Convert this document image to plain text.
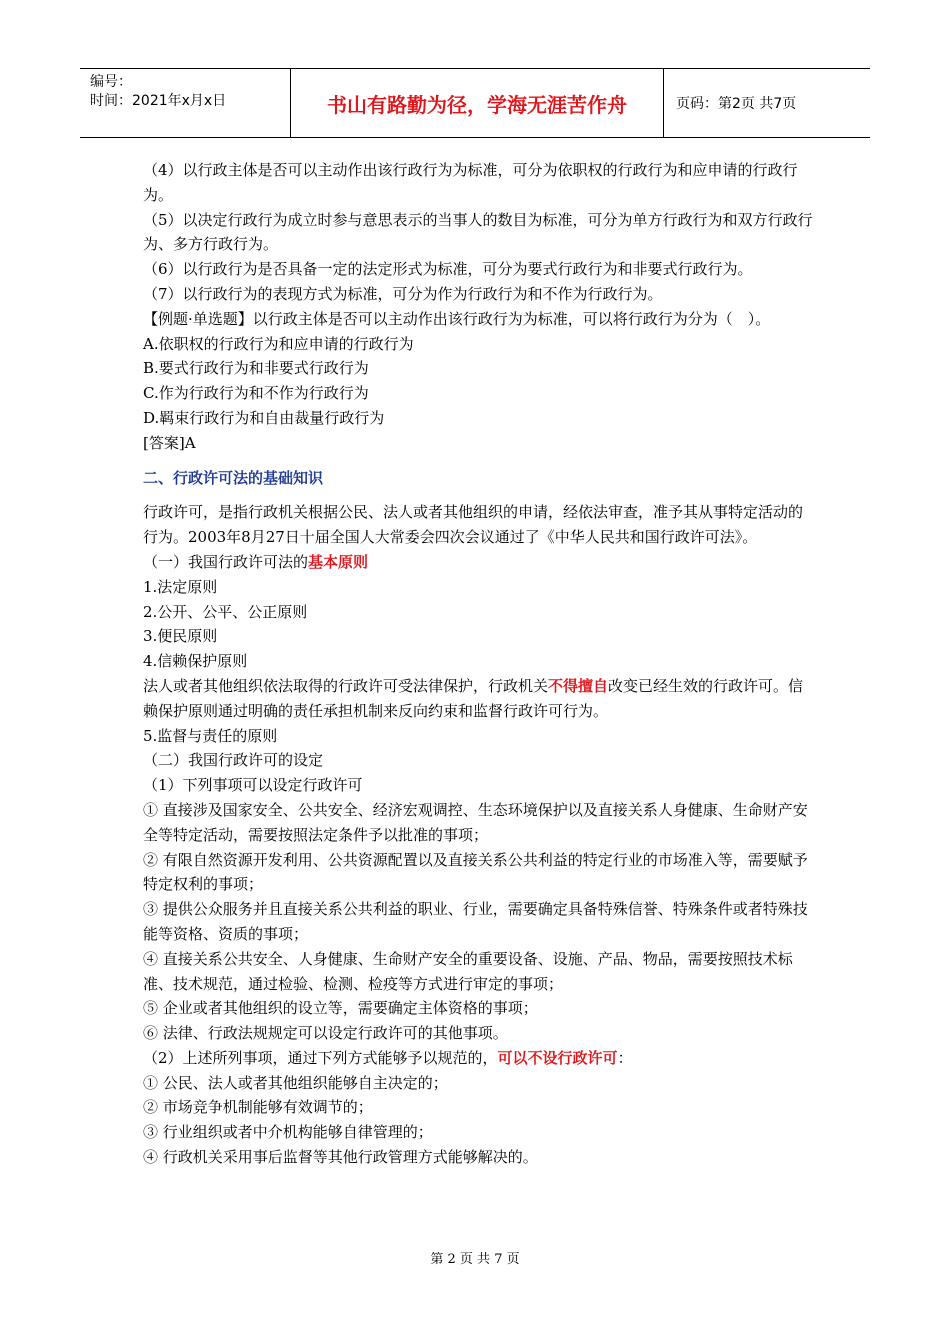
编号：
时间：2021年x月x日	书山有路勤为径，学海无涯苦作舟	页码：第2页 共7页

（4）以行政主体是否可以主动作出该行政行为为标准，可分为依职权的行政行为和应申请的行政行为。

（5）以决定行政行为成立时参与意思表示的当事人的数目为标准，可分为单方行政行为和双方行政行为、多方行政行为。

（6）以行政行为是否具备一定的法定形式为标准，可分为要式行政行为和非要式行政行为。

（7）以行政行为的表现方式为标准，可分为作为行政行为和不作为行政行为。

【例题·单选题】以行政主体是否可以主动作出该行政行为为标准，可以将行政行为分为（　）。

A.依职权的行政行为和应申请的行政行为

B.要式行政行为和非要式行政行为

C.作为行政行为和不作为行政行为

D.羁束行政行为和自由裁量行政行为

[答案]A

二、行政许可法的基础知识

行政许可，是指行政机关根据公民、法人或者其他组织的申请，经依法审查，准予其从事特定活动的行为。2003年8月27日十届全国人大常委会四次会议通过了《中华人民共和国行政许可法》。

（一）我国行政许可法的基本原则

1.法定原则

2.公开、公平、公正原则

3.便民原则

4.信赖保护原则

法人或者其他组织依法取得的行政许可受法律保护，行政机关不得擅自改变已经生效的行政许可。信赖保护原则通过明确的责任承担机制来反向约束和监督行政许可行为。

5.监督与责任的原则

（二）我国行政许可的设定

（1）下列事项可以设定行政许可

① 直接涉及国家安全、公共安全、经济宏观调控、生态环境保护以及直接关系人身健康、生命财产安全等特定活动，需要按照法定条件予以批准的事项；

② 有限自然资源开发利用、公共资源配置以及直接关系公共利益的特定行业的市场准入等，需要赋予特定权利的事项；

③ 提供公众服务并且直接关系公共利益的职业、行业，需要确定具备特殊信誉、特殊条件或者特殊技能等资格、资质的事项；

④ 直接关系公共安全、人身健康、生命财产安全的重要设备、设施、产品、物品，需要按照技术标准、技术规范，通过检验、检测、检疫等方式进行审定的事项；

⑤ 企业或者其他组织的设立等，需要确定主体资格的事项；

⑥ 法律、行政法规规定可以设定行政许可的其他事项。

（2）上述所列事项，通过下列方式能够予以规范的，可以不设行政许可：

① 公民、法人或者其他组织能够自主决定的；

② 市场竞争机制能够有效调节的；

③ 行业组织或者中介机构能够自律管理的；

④ 行政机关采用事后监督等其他行政管理方式能够解决的。

第 2 页 共 7 页
